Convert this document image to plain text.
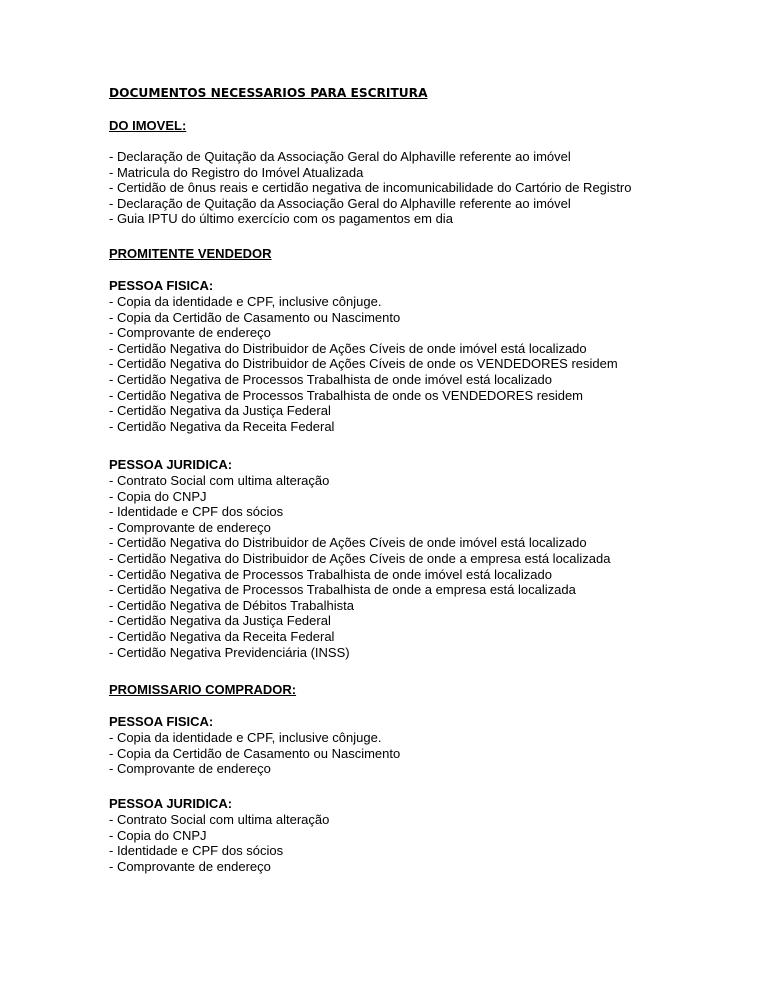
DOCUMENTOS NECESSARIOS PARA ESCRITURA
DO IMOVEL:
- Declaração de Quitação da Associação Geral do Alphaville referente ao imóvel
- Matricula do Registro do Imóvel Atualizada
- Certidão de ônus reais e certidão negativa de incomunicabilidade do Cartório de Registro
- Declaração de Quitação da Associação Geral do Alphaville referente ao imóvel
- Guia IPTU do último exercício com os pagamentos em dia
PROMITENTE VENDEDOR
PESSOA FISICA:
- Copia da identidade e CPF, inclusive cônjuge.
- Copia da Certidão de Casamento ou Nascimento
- Comprovante de endereço
- Certidão Negativa do Distribuidor de Ações Cíveis de onde imóvel está localizado
- Certidão Negativa do Distribuidor de Ações Cíveis de onde os VENDEDORES residem
- Certidão Negativa de Processos Trabalhista de onde imóvel está localizado
- Certidão Negativa de Processos Trabalhista de onde os VENDEDORES residem
- Certidão Negativa da Justiça Federal
- Certidão Negativa da Receita Federal
PESSOA JURIDICA:
- Contrato Social com ultima alteração
- Copia do CNPJ
- Identidade e CPF dos sócios
- Comprovante de endereço
- Certidão Negativa do Distribuidor de Ações Cíveis de onde imóvel está localizado
- Certidão Negativa do Distribuidor de Ações Cíveis de onde a empresa está localizada
- Certidão Negativa de Processos Trabalhista de onde imóvel está localizado
- Certidão Negativa de Processos Trabalhista de onde a empresa está localizada
- Certidão Negativa de Débitos Trabalhista
- Certidão Negativa da Justiça Federal
- Certidão Negativa da Receita Federal
- Certidão Negativa Previdenciária (INSS)
PROMISSARIO COMPRADOR:
PESSOA FISICA:
- Copia da identidade e CPF, inclusive cônjuge.
- Copia da Certidão de Casamento ou Nascimento
- Comprovante de endereço
PESSOA JURIDICA:
- Contrato Social com ultima alteração
- Copia do CNPJ
- Identidade e CPF dos sócios
- Comprovante de endereço
